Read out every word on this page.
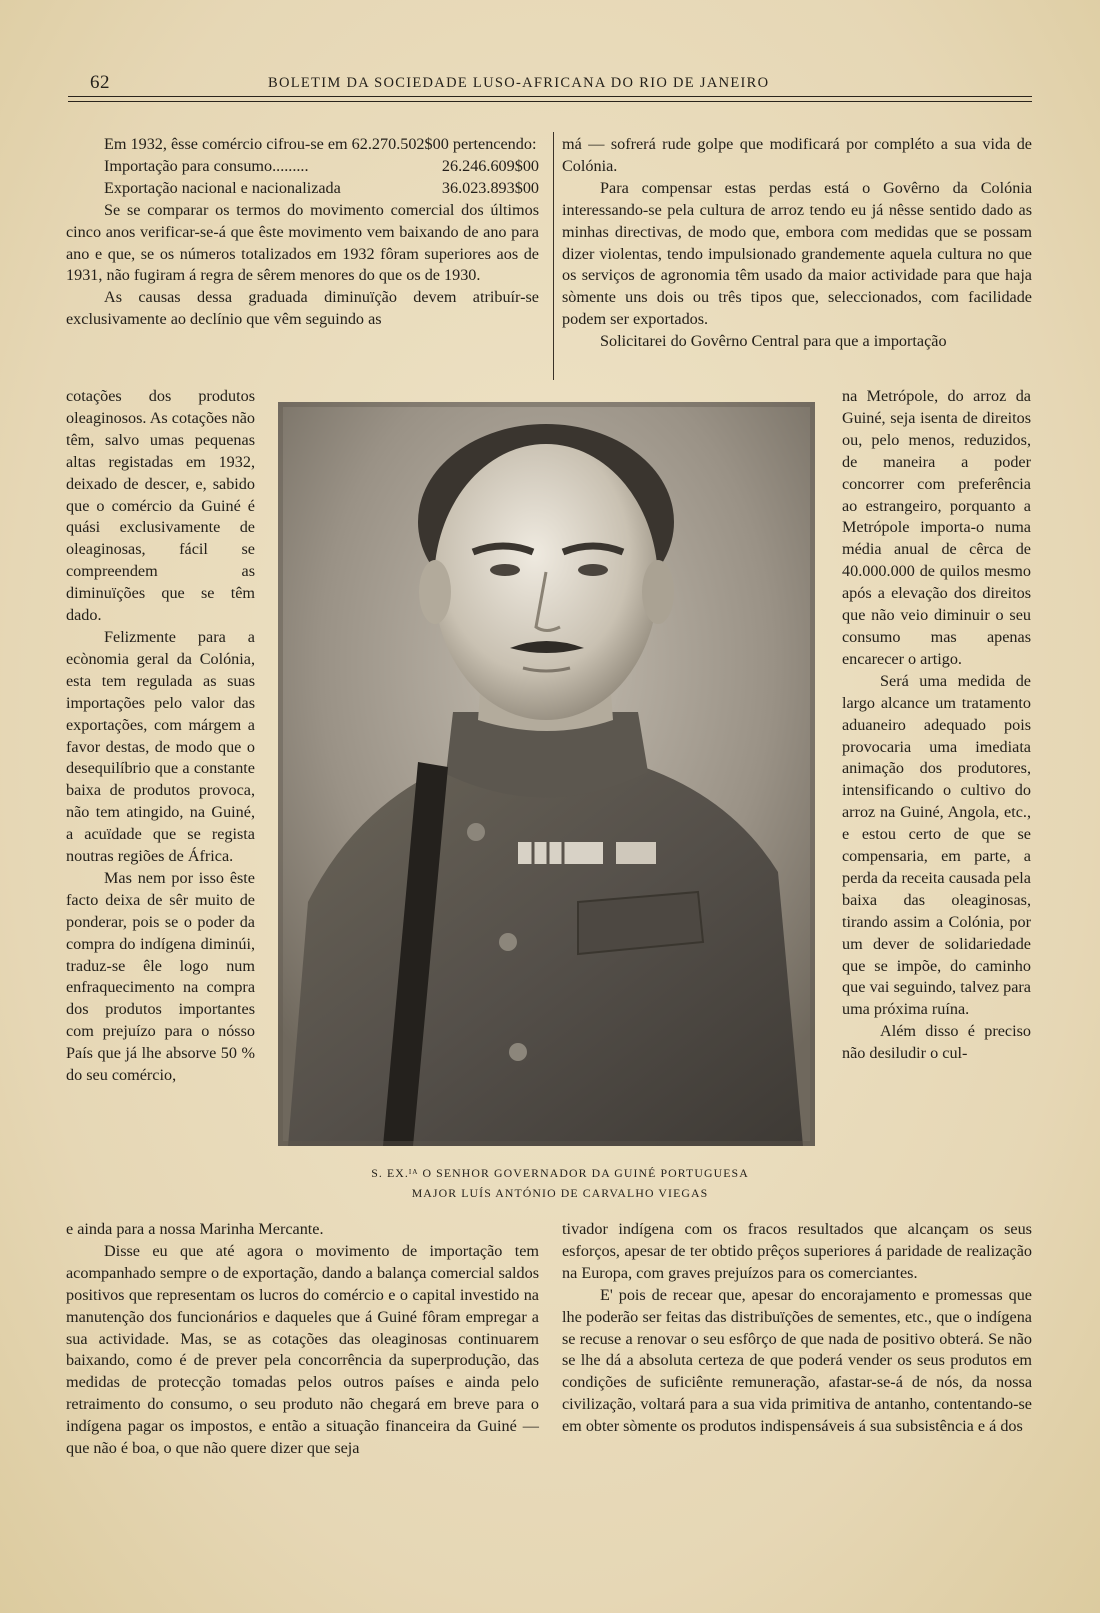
62	BOLETIM DA SOCIEDADE LUSO-AFRICANA DO RIO DE JANEIRO

Em 1932, êsse comércio cifrou-se em 62.270.502$00 pertencendo:

Importação para consumo.........	26.246.609$00
Exportação nacional e nacionalizada	36.023.893$00

Se se comparar os termos do movimento comercial dos últimos cinco anos verificar-se-á que êste movimento vem baixando de ano para ano e que, se os números totalizados em 1932 fôram superiores aos de 1931, não fugiram á regra de sêrem menores do que os de 1930.

As causas dessa graduada diminuïção devem atribuír-se exclusivamente ao declínio que vêm seguindo as

má — sofrerá rude golpe que modificará por compléto a sua vida de Colónia.

Para compensar estas perdas está o Govêrno da Colónia interessando-se pela cultura de arroz tendo eu já nêsse sentido dado as minhas directivas, de modo que, embora com medidas que se possam dizer violentas, tendo impulsionado grandemente aquela cultura no que os serviços de agronomia têm usado da maior actividade para que haja sòmente uns dois ou três tipos que, seleccionados, com facilidade podem ser exportados.

Solicitarei do Govêrno Central para que a importação

cotações dos produtos oleaginosos. As cotações não têm, salvo umas pequenas altas registadas em 1932, deixado de descer, e, sabido que o comércio da Guiné é quási exclusivamente de oleaginosas, fácil se compreendem as diminuïções que se têm dado.

Felizmente para a ecònomia geral da Colónia, esta tem regulada as suas importações pelo valor das exportações, com márgem a favor destas, de modo que o desequilíbrio que a constante baixa de produtos provoca, não tem atingido, na Guiné, a acuïdade que se regista noutras regiões de África.

Mas nem por isso êste facto deixa de sêr muito de ponderar, pois se o poder da compra do indígena diminúi, traduz-se êle logo num enfraquecimento na compra dos produtos importantes com prejuízo para o nósso País que já lhe absorve 50 % do seu comércio,

na Metrópole, do arroz da Guiné, seja isenta de direitos ou, pelo menos, reduzidos, de maneira a poder concorrer com preferência ao estrangeiro, porquanto a Metrópole importa-o numa média anual de cêrca de 40.000.000 de quilos mesmo após a elevação dos direitos que não veio diminuir o seu consumo mas apenas encarecer o artigo.

Será uma medida de largo alcance um tratamento aduaneiro adequado pois provocaria uma imediata animação dos produtores, intensificando o cultivo do arroz na Guiné, Angola, etc., e estou certo de que se compensaria, em parte, a perda da receita causada pela baixa das oleaginosas, tirando assim a Colónia, por um dever de solidariedade que se impõe, do caminho que vai seguindo, talvez para uma próxima ruína.

Além disso é preciso não desiludir o cul-

S. EX.ᴵᴬ O SENHOR GOVERNADOR DA GUINÉ PORTUGUESA
MAJOR LUÍS ANTÓNIO DE CARVALHO VIEGAS

e ainda para a nossa Marinha Mercante.

Disse eu que até agora o movimento de importação tem acompanhado sempre o de exportação, dando a balança comercial saldos positivos que representam os lucros do comércio e o capital investido na manutenção dos funcionários e daqueles que á Guiné fôram empregar a sua actividade. Mas, se as cotações das oleaginosas continuarem baixando, como é de prever pela concorrência da superprodução, das medidas de protecção tomadas pelos outros países e ainda pelo retraimento do consumo, o seu produto não chegará em breve para o indígena pagar os impostos, e então a situação financeira da Guiné — que não é boa, o que não quere dizer que seja

tivador indígena com os fracos resultados que alcançam os seus esforços, apesar de ter obtido prêços superiores á paridade de realização na Europa, com graves prejuízos para os comerciantes.

E' pois de recear que, apesar do encorajamento e promessas que lhe poderão ser feitas das distribuïções de sementes, etc., que o indígena se recuse a renovar o seu esfôrço de que nada de positivo obterá. Se não se lhe dá a absoluta certeza de que poderá vender os seus produtos em condições de suficiênte remuneração, afastar-se-á de nós, da nossa civilização, voltará para a sua vida primitiva de antanho, contentando-se em obter sòmente os produtos indispensáveis á sua subsistência e á dos
